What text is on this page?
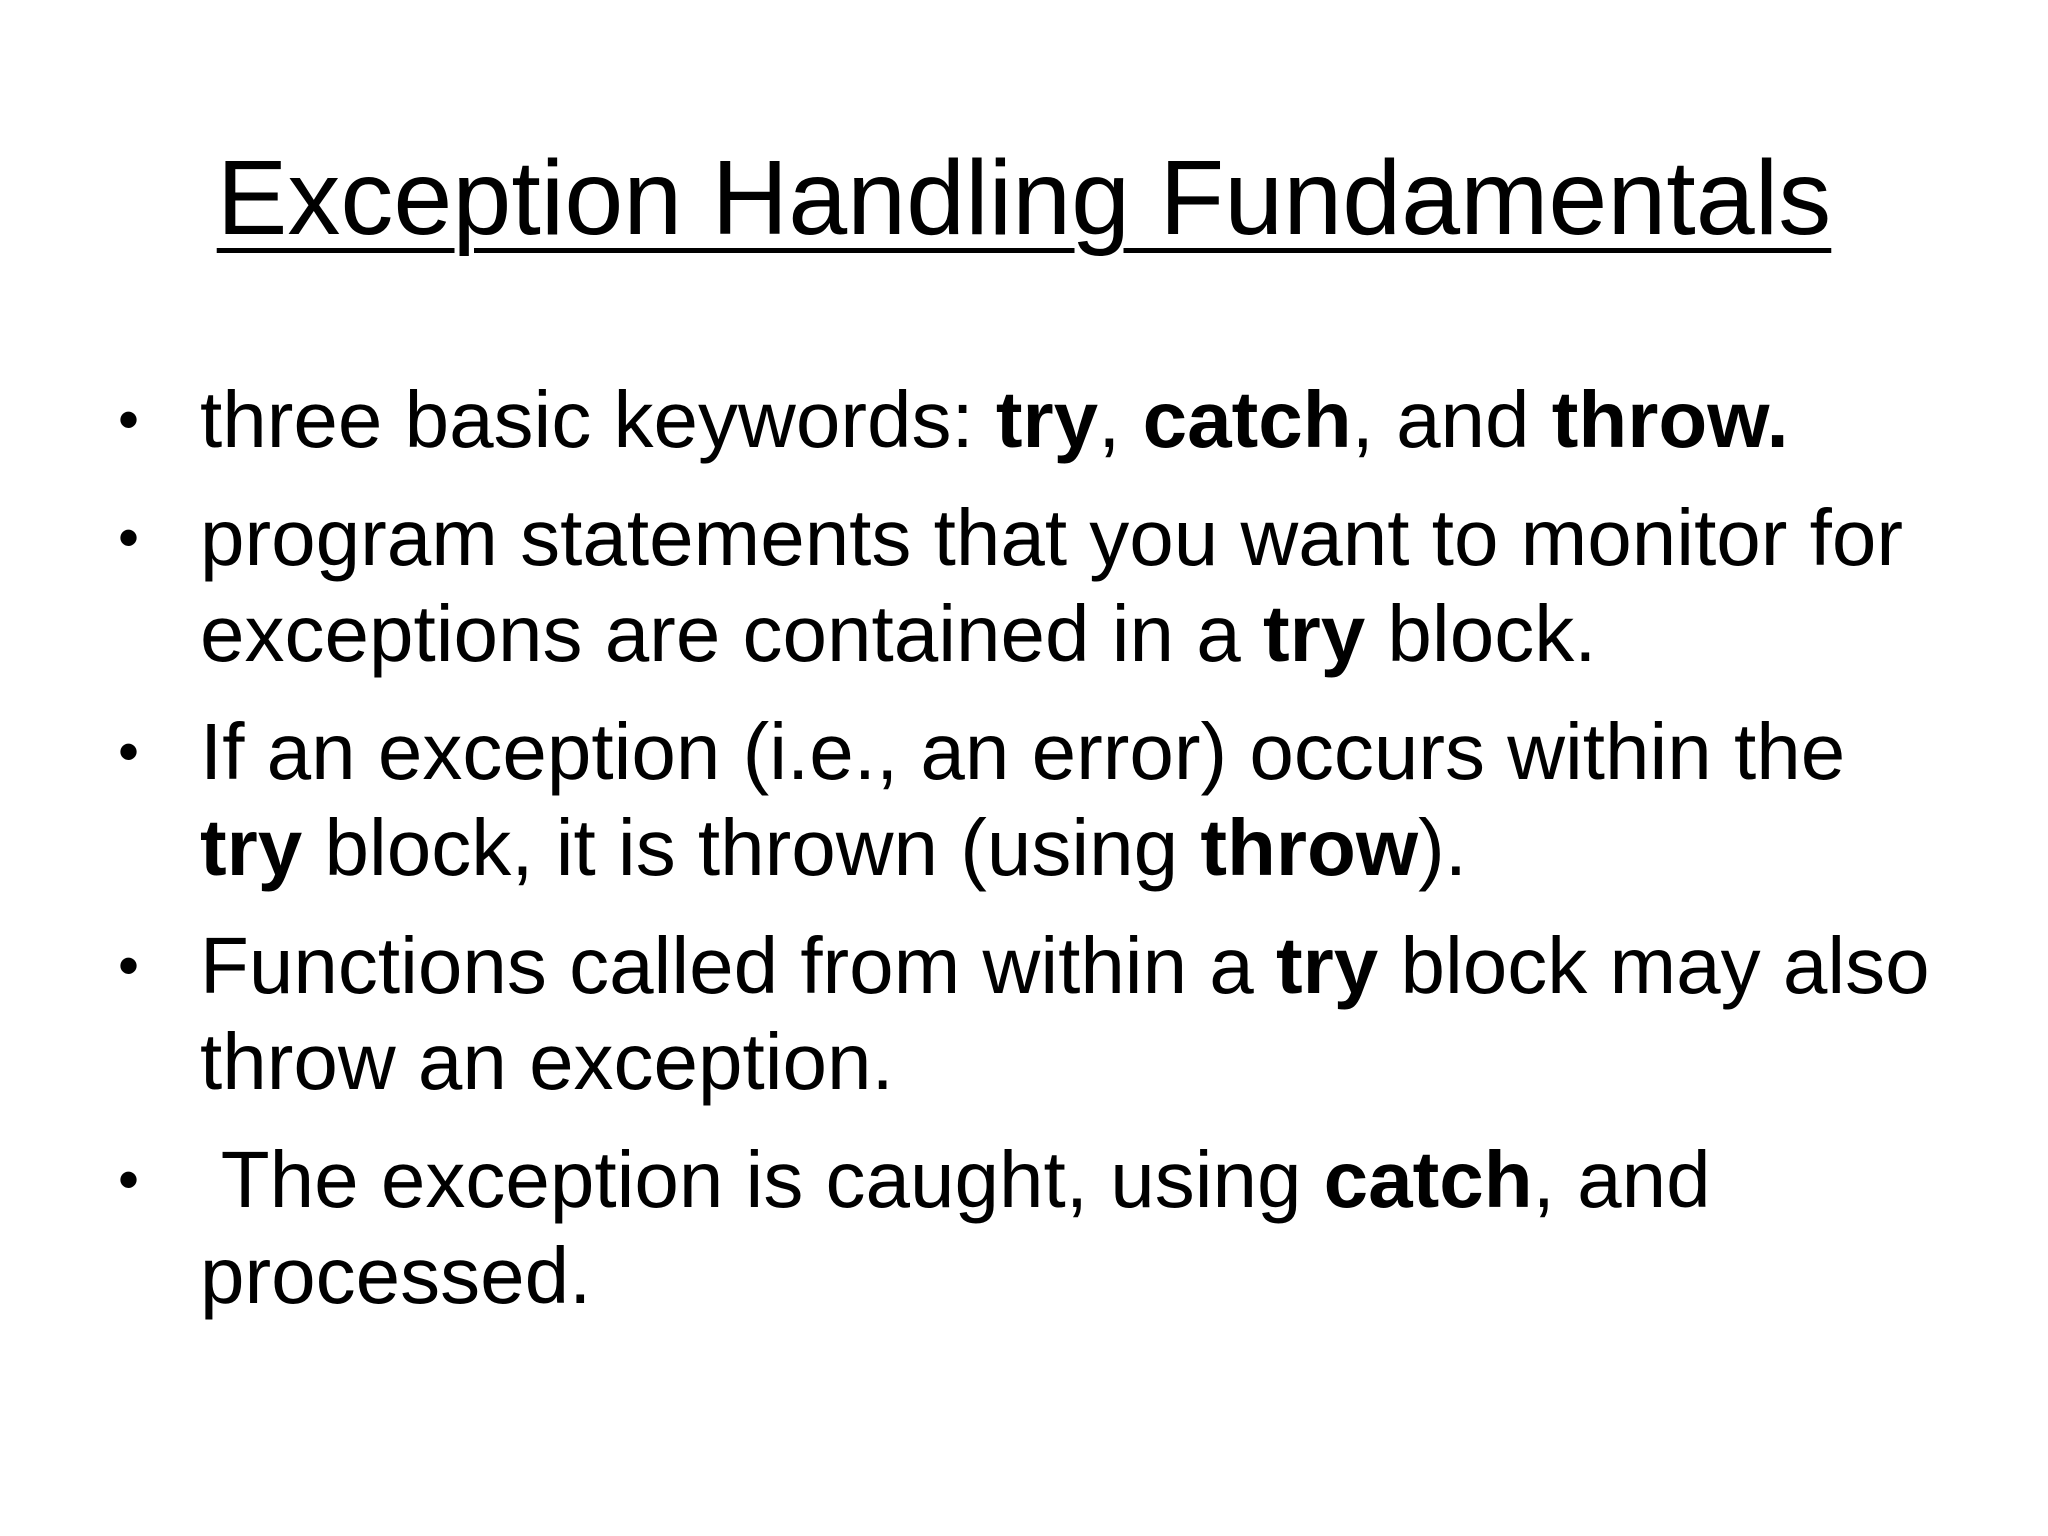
Exception Handling Fundamentals
• three basic keywords: try, catch, and throw.
• program statements that you want to monitor for
exceptions are contained in a try block.
• If an exception (i.e., an error) occurs within the
try block, it is thrown (using throw).
• Functions called from within a try block may also
throw an exception.
• The exception is caught, using catch, and
processed.
